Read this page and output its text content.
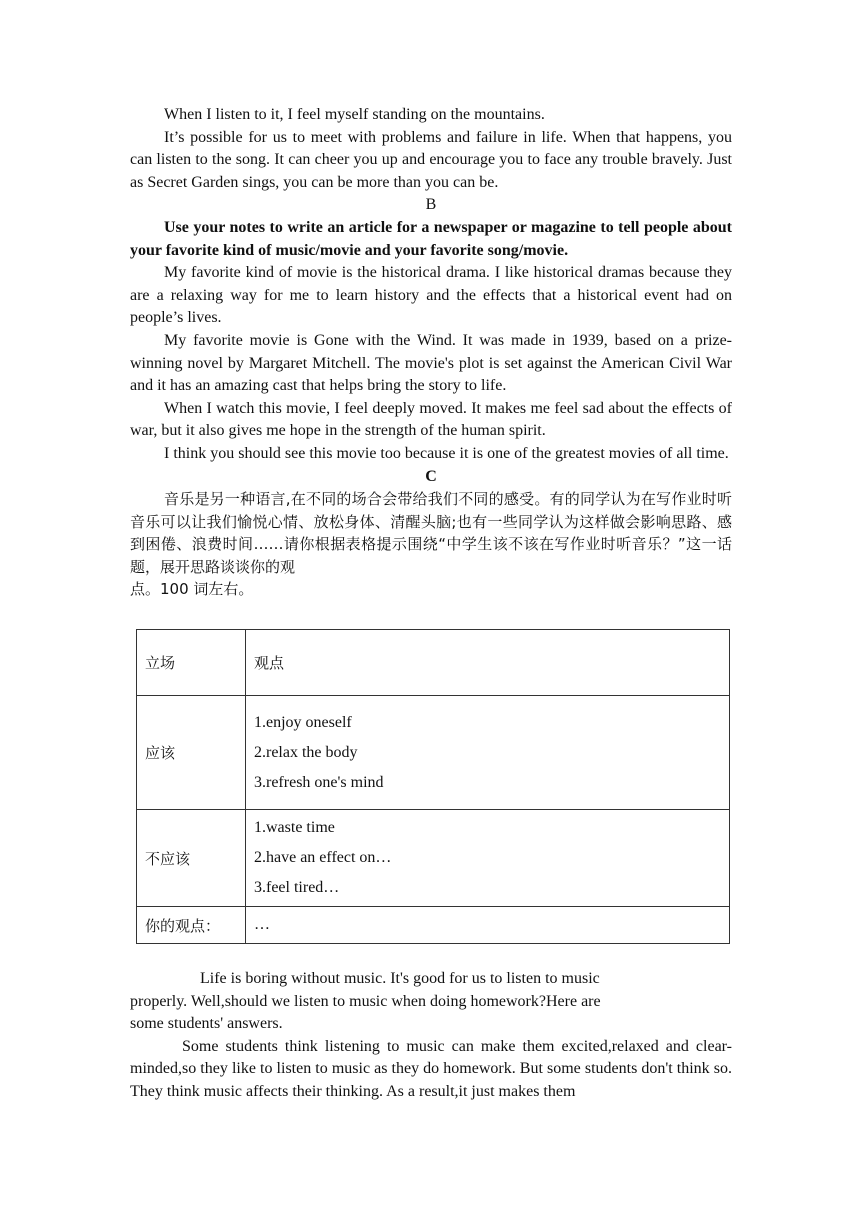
When I listen to it, I feel myself standing on the mountains.

It’s possible for us to meet with problems and failure in life. When that happens, you can listen to the song. It can cheer you up and encourage you to face any trouble bravely. Just as Secret Garden sings, you can be more than you can be.

B

Use your notes to write an article for a newspaper or magazine to tell people about your favorite kind of music/movie and your favorite song/movie.

My favorite kind of movie is the historical drama. I like historical dramas because they are a relaxing way for me to learn history and the effects that a historical event had on people’s lives.

My favorite movie is Gone with the Wind. It was made in 1939, based on a prize-winning novel by Margaret Mitchell. The movie's plot is set against the American Civil War and it has an amazing cast that helps bring the story to life.

When I watch this movie, I feel deeply moved. It makes me feel sad about the effects of war, but it also gives me hope in the strength of the human spirit.

I think you should see this movie too because it is one of the greatest movies of all time.

C

音乐是另一种语言,在不同的场合会带给我们不同的感受。有的同学认为在写作业时听音乐可以让我们愉悦心情、放松身体、清醒头脑;也有一些同学认为这样做会影响思路、感到困倦、浪费时间……请你根据表格提示围绕“中学生该不该在写作业时听音乐？”这一话题，展开思路谈谈你的观

点。100 词左右。

立场	观点
应该	1.enjoy oneself
2.relax the body
3.refresh one's mind

不应该	1.waste time
2.have an effect on…
3.feel tired…

你的观点：	…

Life is boring without music. It's good for us to listen to music

properly. Well,should we listen to music when doing homework?Here are

some students' answers.

Some students think listening to music can make them excited,relaxed and clear-minded,so they like to listen to music as they do homework. But some students don't think so. They think music affects their thinking. As a result,it just makes them
